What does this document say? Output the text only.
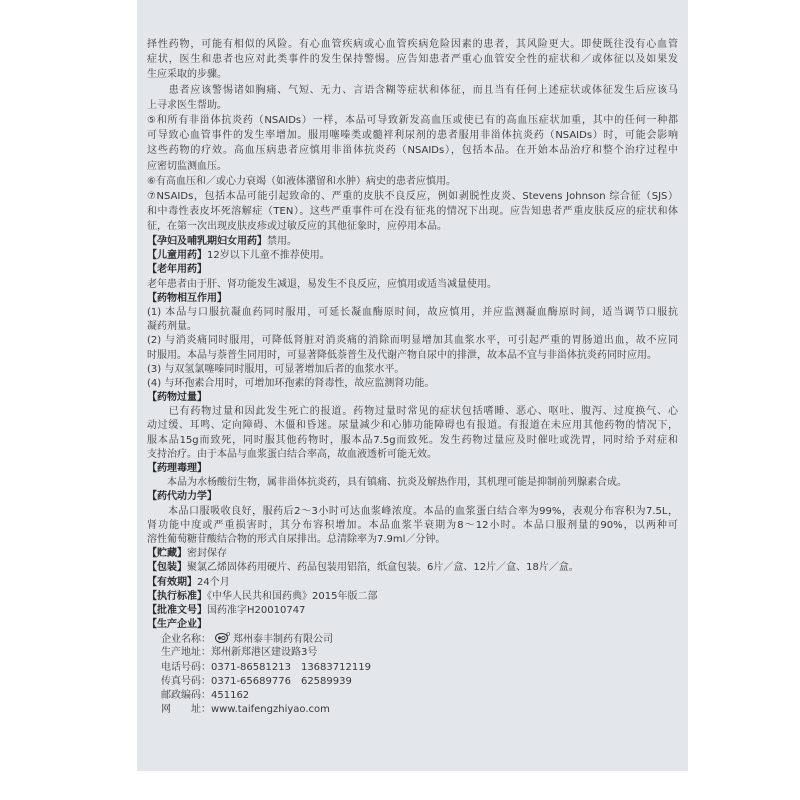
择性药物，可能有相似的风险。有心血管疾病或心血管疾病危险因素的患者，其风险更大。即使既往没有心血管
症状，医生和患者也应对此类事件的发生保持警惕。应告知患者严重心血管安全性的症状和／或体征以及如果发
生应采取的步骤。
　　患者应该警惕诸如胸痛、气短、无力、言语含糊等症状和体征，而且当有任何上述症状或体征发生后应该马
上寻求医生帮助。
⑤和所有非甾体抗炎药（NSAIDs）一样，本品可导致新发高血压或使已有的高血压症状加重，其中的任何一种都
可导致心血管事件的发生率增加。服用噻嗪类或髓袢利尿剂的患者服用非甾体抗炎药（NSAIDs）时，可能会影响
这些药物的疗效。高血压病患者应慎用非甾体抗炎药（NSAIDs），包括本品。在开始本品治疗和整个治疗过程中
应密切监测血压。
⑥有高血压和／或心力衰竭（如液体潴留和水肿）病史的患者应慎用。
⑦NSAIDs，包括本品可能引起致命的、严重的皮肤不良反应，例如剥脱性皮炎、Stevens Johnson 综合征（SJS）
和中毒性表皮坏死溶解症（TEN）。这些严重事件可在没有征兆的情况下出现。应告知患者严重皮肤反应的症状和体
征，在第一次出现皮肤皮疹或过敏反应的其他征象时，应停用本品。
【孕妇及哺乳期妇女用药】禁用。
【儿童用药】12岁以下儿童不推荐使用。
【老年用药】
老年患者由于肝、肾功能发生减退，易发生不良反应，应慎用或适当减量使用。
【药物相互作用】
(1) 本品与口服抗凝血药同时服用，可延长凝血酶原时间，故应慎用，并应监测凝血酶原时间，适当调节口服抗
凝药剂量。
(2) 与消炎痛同时服用，可降低肾脏对消炎痛的消除而明显增加其血浆水平，可引起严重的胃肠道出血，故不应同
时服用。本品与萘普生同用时，可显著降低萘普生及代谢产物自尿中的排泄，故本品不宜与非甾体抗炎药同时应用。
(3) 与双氢氯噻嗪同时服用，可显著增加后者的血浆水平。
(4) 与环孢素合用时，可增加环孢素的肾毒性，故应监测肾功能。
【药物过量】
　　已有药物过量和因此发生死亡的报道。药物过量时常见的症状包括嗜睡、恶心、呕吐、腹泻、过度换气、心
动过缓、耳鸣、定向障碍、木僵和昏迷。尿量减少和心肺功能障碍也有报道。有报道在未应用其他药物的情况下，
服本品15g而致死，同时服其他药物时，服本品7.5g而致死。发生药物过量应及时催吐或洗胃，同时给予对症和
支持治疗。由于本品与血浆蛋白结合率高，故血液透析可能无效。
【药理毒理】
　　本品为水杨酸衍生物，属非甾体抗炎药，具有镇痛、抗炎及解热作用，其机理可能是抑制前列腺素合成。
【药代动力学】
　　本品口服吸收良好，服药后2～3小时可达血浆峰浓度。本品的血浆蛋白结合率为99%，表观分布容积为7.5L，
肾功能中度或严重损害时，其分布容积增加。本品血浆半衰期为8～12小时。本品口服剂量的90%，以两种可
溶性葡萄糖苷酸结合物的形式自尿排出。总清除率为7.9ml／分钟。
【贮藏】密封保存
【包装】聚氯乙烯固体药用硬片、药品包装用铝箔，纸盒包装。6片／盒、12片／盒、18片／盒。
【有效期】24个月
【执行标准】《中华人民共和国药典》2015年版二部
【批准文号】国药准字H20010747
【生产企业】
企业名称： 郑州泰丰制药有限公司
生产地址：郑州新郑港区建设路3号
电话号码：0371-86581213　13683712119
传真号码：0371-65689776　62589939
邮政编码：451162
网　　址：www.taifengzhiyao.com
